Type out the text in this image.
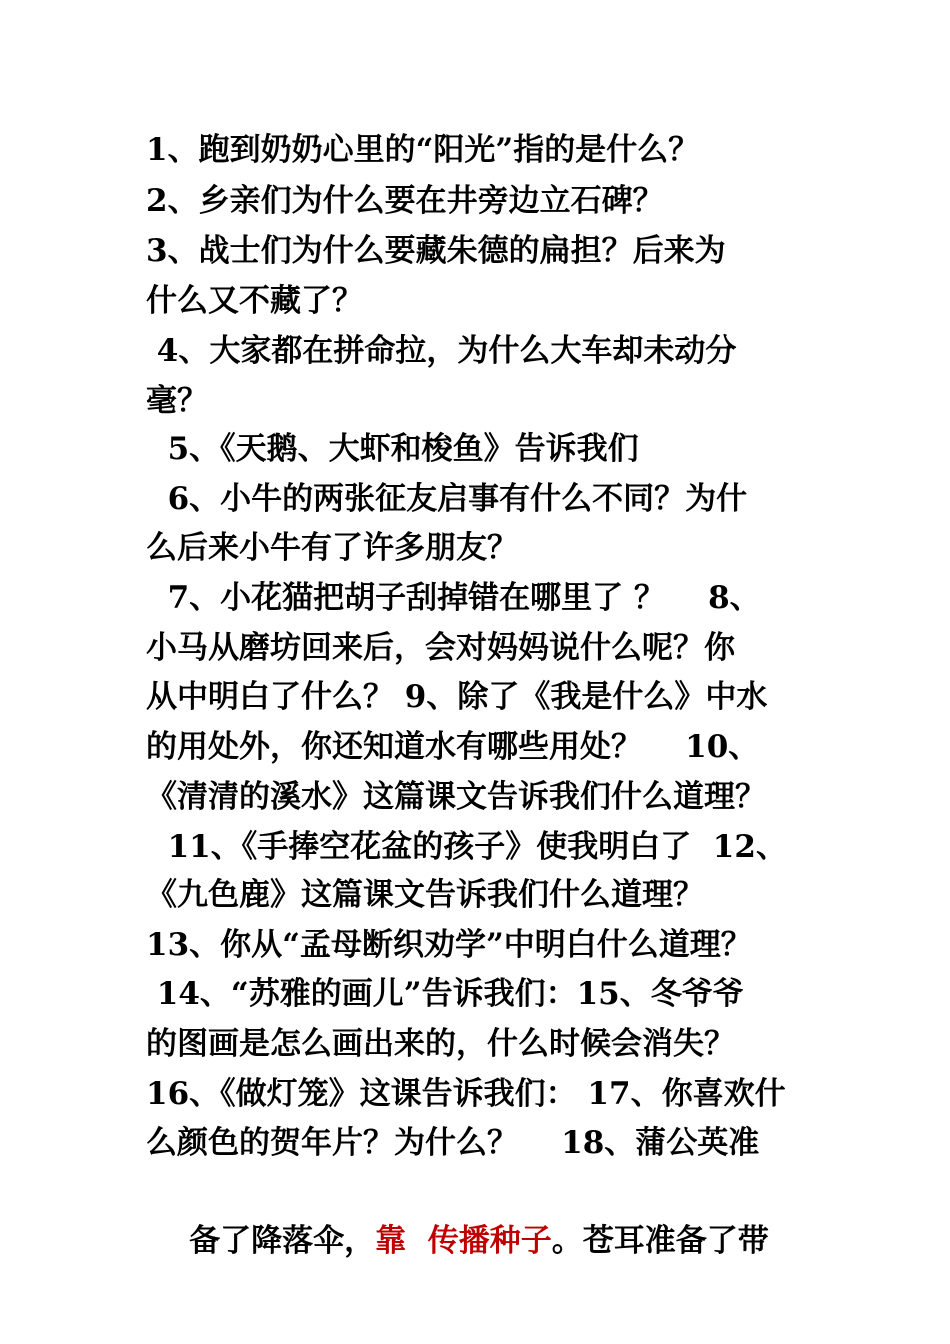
1、跑到奶奶心里的“阳光”指的是什么？
2、乡亲们为什么要在井旁边立石碑？
3、战士们为什么要藏朱德的扁担？后来为
什么又不藏了？
4、大家都在拼命拉，为什么大车却未动分
毫？
5、《天鹅、大虾和梭鱼》告诉我们
6、小牛的两张征友启事有什么不同？为什
么后来小牛有了许多朋友？
7、小花猫把胡子刮掉错在哪里了 ？    8、
小马从磨坊回来后，会对妈妈说什么呢？你
从中明白了什么？ 9、除了《我是什么》中水
的用处外，你还知道水有哪些用处？    10、
《清清的溪水》这篇课文告诉我们什么道理？
11、《手捧空花盆的孩子》使我明白了  12、
《九色鹿》这篇课文告诉我们什么道理？
13、你从“孟母断织劝学”中明白什么道理？
14、“苏雅的画儿”告诉我们：15、冬爷爷
的图画是怎么画出来的，什么时候会消失？
16、《做灯笼》这课告诉我们： 17、你喜欢什
么颜色的贺年片？为什么？    18、蒲公英准

备了降落伞，靠 传播种子。苍耳准备了带
